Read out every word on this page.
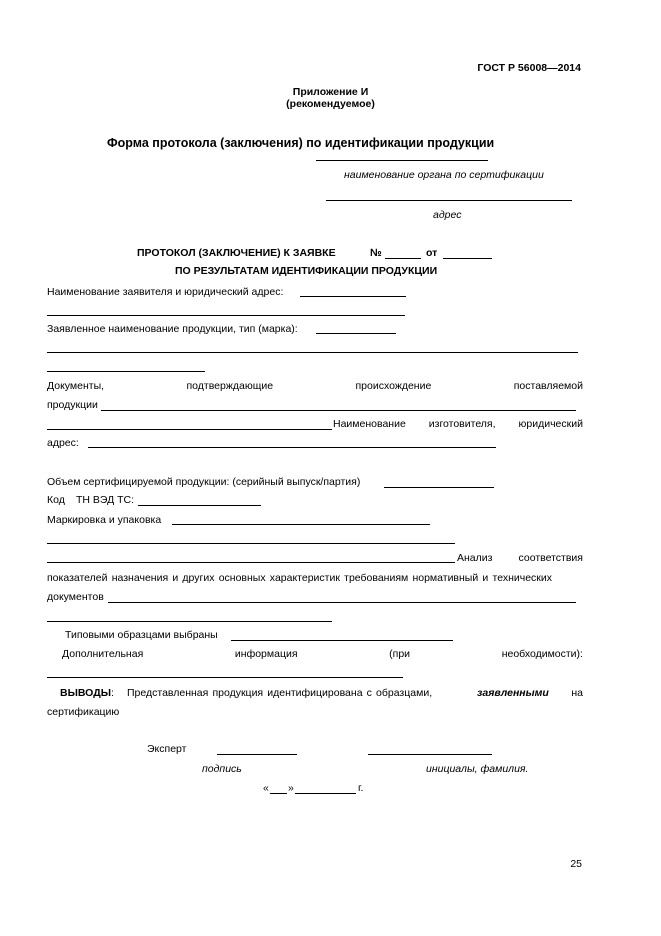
ГОСТ Р 56008—2014
Приложение И
(рекомендуемое)
Форма протокола (заключения) по идентификации продукции
наименование органа по сертификации
адрес
ПРОТОКОЛ (ЗАКЛЮЧЕНИЕ) К ЗАЯВКЕ	№	от
ПО РЕЗУЛЬТАТАМ ИДЕНТИФИКАЦИИ ПРОДУКЦИИ
Наименование заявителя и юридический адрес:
Заявленное наименование продукции, тип (марка):
Документы,	подтверждающие	происхождение	поставляемой
продукции
Наименование изготовителя, юридический
адрес:
Объем сертифицируемой продукции: (серийный выпуск/партия)
Код ТН ВЭД ТС:
Маркировка и упаковка
Анализ соответствия
показателей назначения и других основных характеристик требованиям нормативный и технических
документов
Типовыми образцами выбраны
Дополнительная	информация	(при	необходимости):
ВЫВОДЫ: Представленная продукция идентифицирована с образцами,	заявленными на
сертификацию
Эксперт
подпись	инициалы, фамилия.
« »	г.
25
